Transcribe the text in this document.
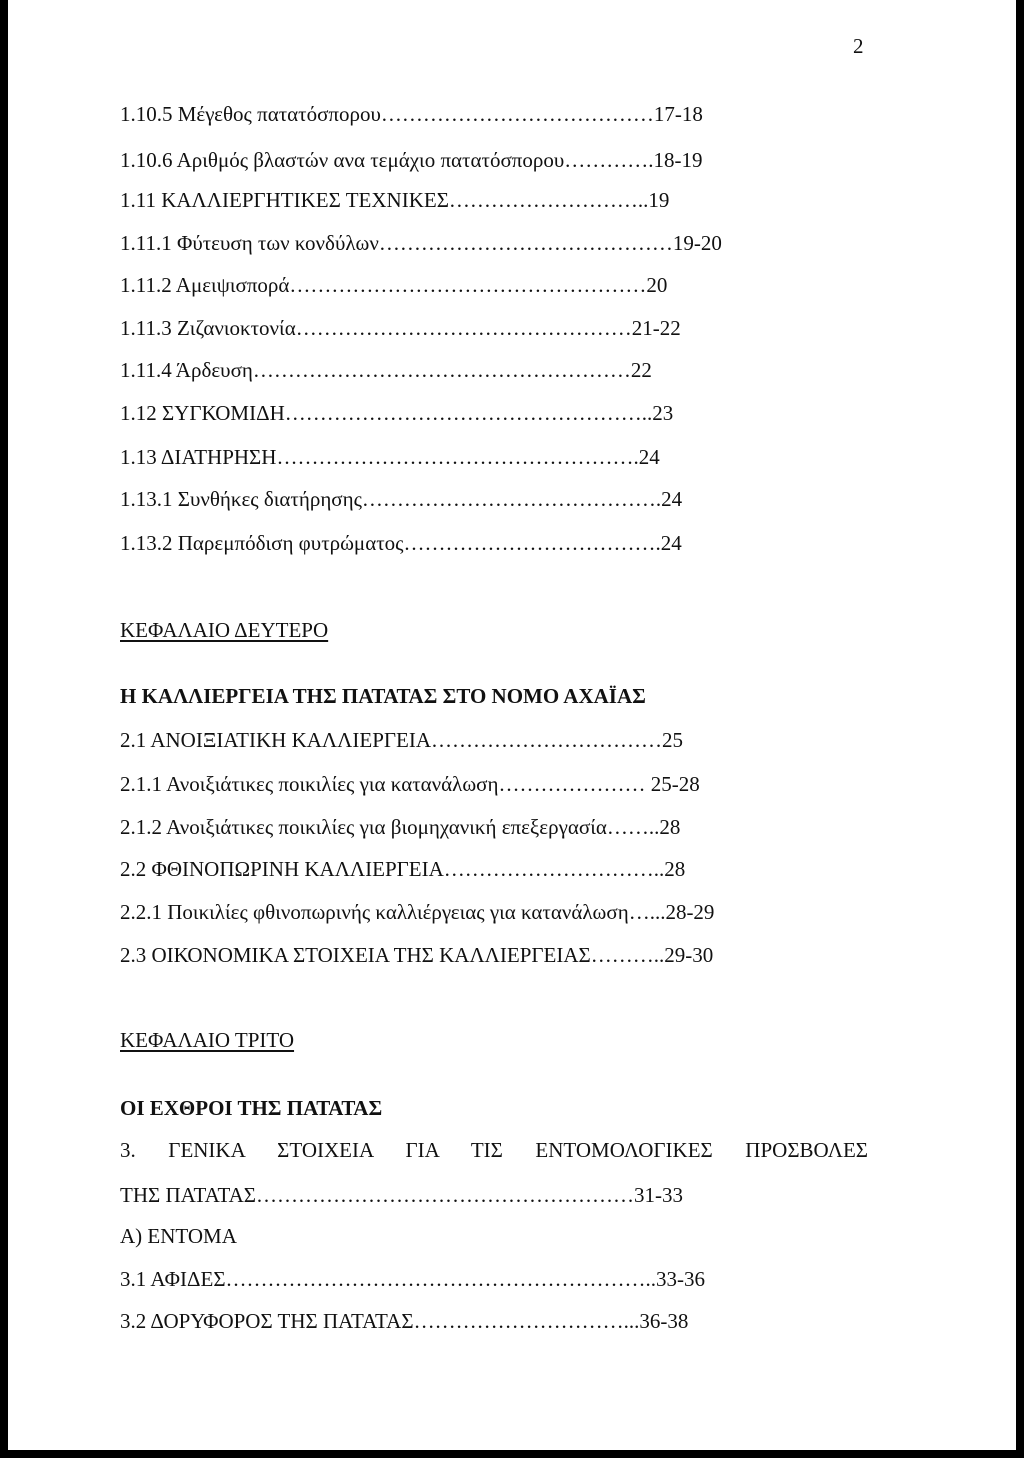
2
1.10.5 Μέγεθος πατατόσπορου…………………………………17-18
1.10.6 Αριθμός βλαστών ανα τεμάχιο πατατόσπορου………….18-19
1.11 ΚΑΛΛΙΕΡΓΗΤΙΚΕΣ ΤΕΧΝΙΚΕΣ………………………..19
1.11.1 Φύτευση των κονδύλων……………………………………19-20
1.11.2 Αμειψισπορά……………………………………………20
1.11.3 Ζιζανιοκτονία…………………………………………21-22
1.11.4 Άρδευση………………………………………………22
1.12 ΣΥΓΚΟΜΙΔΗ……………………………………………..23
1.13 ΔΙΑΤΗΡΗΣΗ…………………………………………….24
1.13.1 Συνθήκες διατήρησης…………………………………….24
1.13.2 Παρεμπόδιση φυτρώματος……………………………….24
ΚΕΦΑΛΑΙΟ ΔΕΥΤΕΡΟ
Η ΚΑΛΛΙΕΡΓΕΙΑ ΤΗΣ ΠΑΤΑΤΑΣ ΣΤΟ ΝΟΜΟ ΑΧΑΪΑΣ
2.1 ΑΝΟΙΞΙΑΤΙΚΗ ΚΑΛΛΙΕΡΓΕΙΑ……………………………25
2.1.1 Ανοιξιάτικες ποικιλίες για κατανάλωση………………… 25-28
2.1.2 Ανοιξιάτικες ποικιλίες για βιομηχανική επεξεργασία……..28
2.2 ΦΘΙΝΟΠΩΡΙΝΗ ΚΑΛΛΙΕΡΓΕΙΑ…………………………..28
2.2.1 Ποικιλίες φθινοπωρινής καλλιέργειας για κατανάλωση…...28-29
2.3 ΟΙΚΟΝΟΜΙΚΑ ΣΤΟΙΧΕΙΑ ΤΗΣ ΚΑΛΛΙΕΡΓΕΙΑΣ………..29-30
ΚΕΦΑΛΑΙΟ ΤΡΙΤΟ
ΟΙ ΕΧΘΡΟΙ ΤΗΣ ΠΑΤΑΤΑΣ
3. ΓΕΝΙΚΑ ΣΤΟΙΧΕΙΑ ΓΙΑ ΤΙΣ ΕΝΤΟΜΟΛΟΓΙΚΕΣ ΠΡΟΣΒΟΛΕΣ
ΤΗΣ ΠΑΤΑΤΑΣ………………………………………………31-33
Α) ΕΝΤΟΜΑ
3.1 ΑΦΙΔΕΣ……………………………………………………..33-36
3.2 ΔΟΡΥΦΟΡΟΣ ΤΗΣ ΠΑΤΑΤΑΣ…………………………...36-38
